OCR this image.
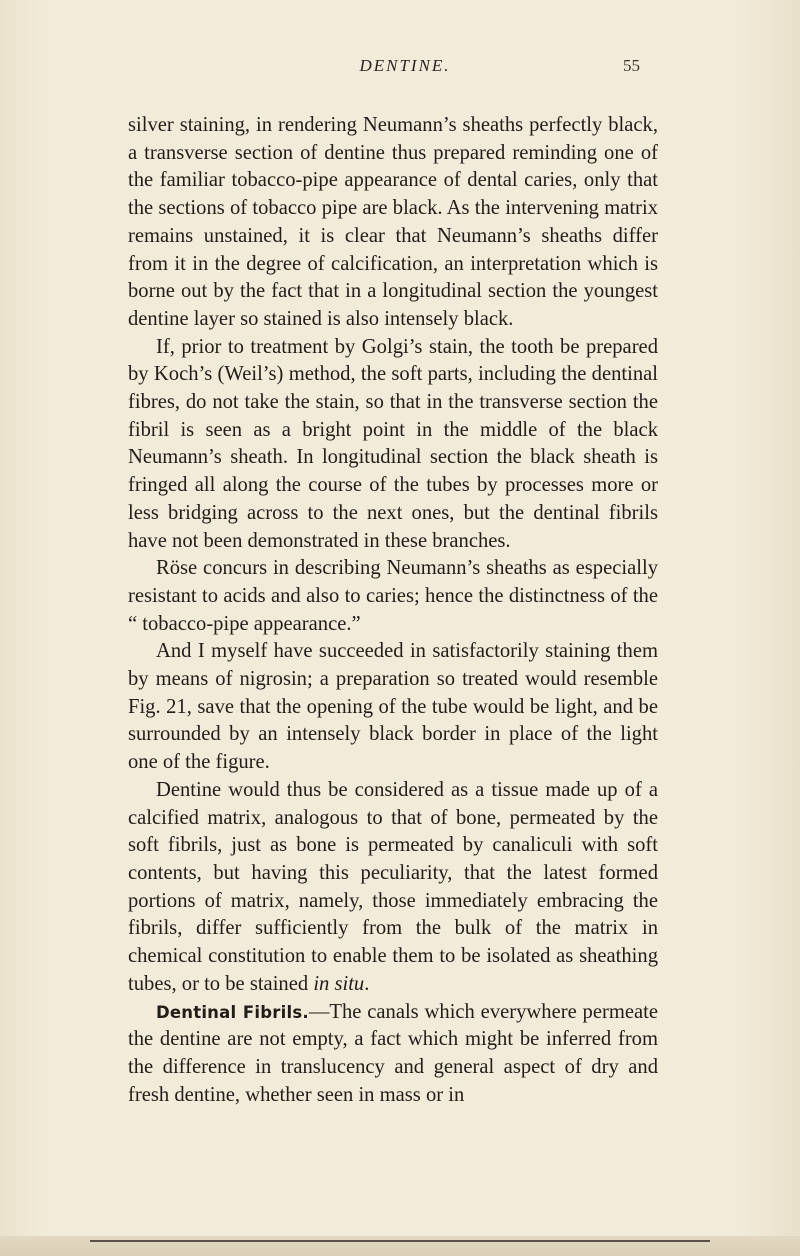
DENTINE.	55

silver staining, in rendering Neumann’s sheaths perfectly black, a transverse section of dentine thus prepared reminding one of the familiar tobacco-pipe appearance of dental caries, only that the sections of tobacco pipe are black. As the intervening matrix remains unstained, it is clear that Neumann’s sheaths differ from it in the degree of calcification, an interpretation which is borne out by the fact that in a longitudinal section the youngest dentine layer so stained is also intensely black.

If, prior to treatment by Golgi’s stain, the tooth be prepared by Koch’s (Weil’s) method, the soft parts, including the dentinal fibres, do not take the stain, so that in the transverse section the fibril is seen as a bright point in the middle of the black Neumann’s sheath. In longitudinal section the black sheath is fringed all along the course of the tubes by processes more or less bridging across to the next ones, but the dentinal fibrils have not been demonstrated in these branches.

Röse concurs in describing Neumann’s sheaths as especially resistant to acids and also to caries; hence the distinctness of the “ tobacco-pipe appearance.”

And I myself have succeeded in satisfactorily staining them by means of nigrosin; a preparation so treated would resemble Fig. 21, save that the opening of the tube would be light, and be surrounded by an intensely black border in place of the light one of the figure.

Dentine would thus be considered as a tissue made up of a calcified matrix, analogous to that of bone, permeated by the soft fibrils, just as bone is permeated by canaliculi with soft contents, but having this peculiarity, that the latest formed portions of matrix, namely, those immediately embracing the fibrils, differ sufficiently from the bulk of the matrix in chemical constitution to enable them to be isolated as sheathing tubes, or to be stained in situ.

Dentinal Fibrils.—The canals which everywhere permeate the dentine are not empty, a fact which might be inferred from the difference in translucency and general aspect of dry and fresh dentine, whether seen in mass or in
